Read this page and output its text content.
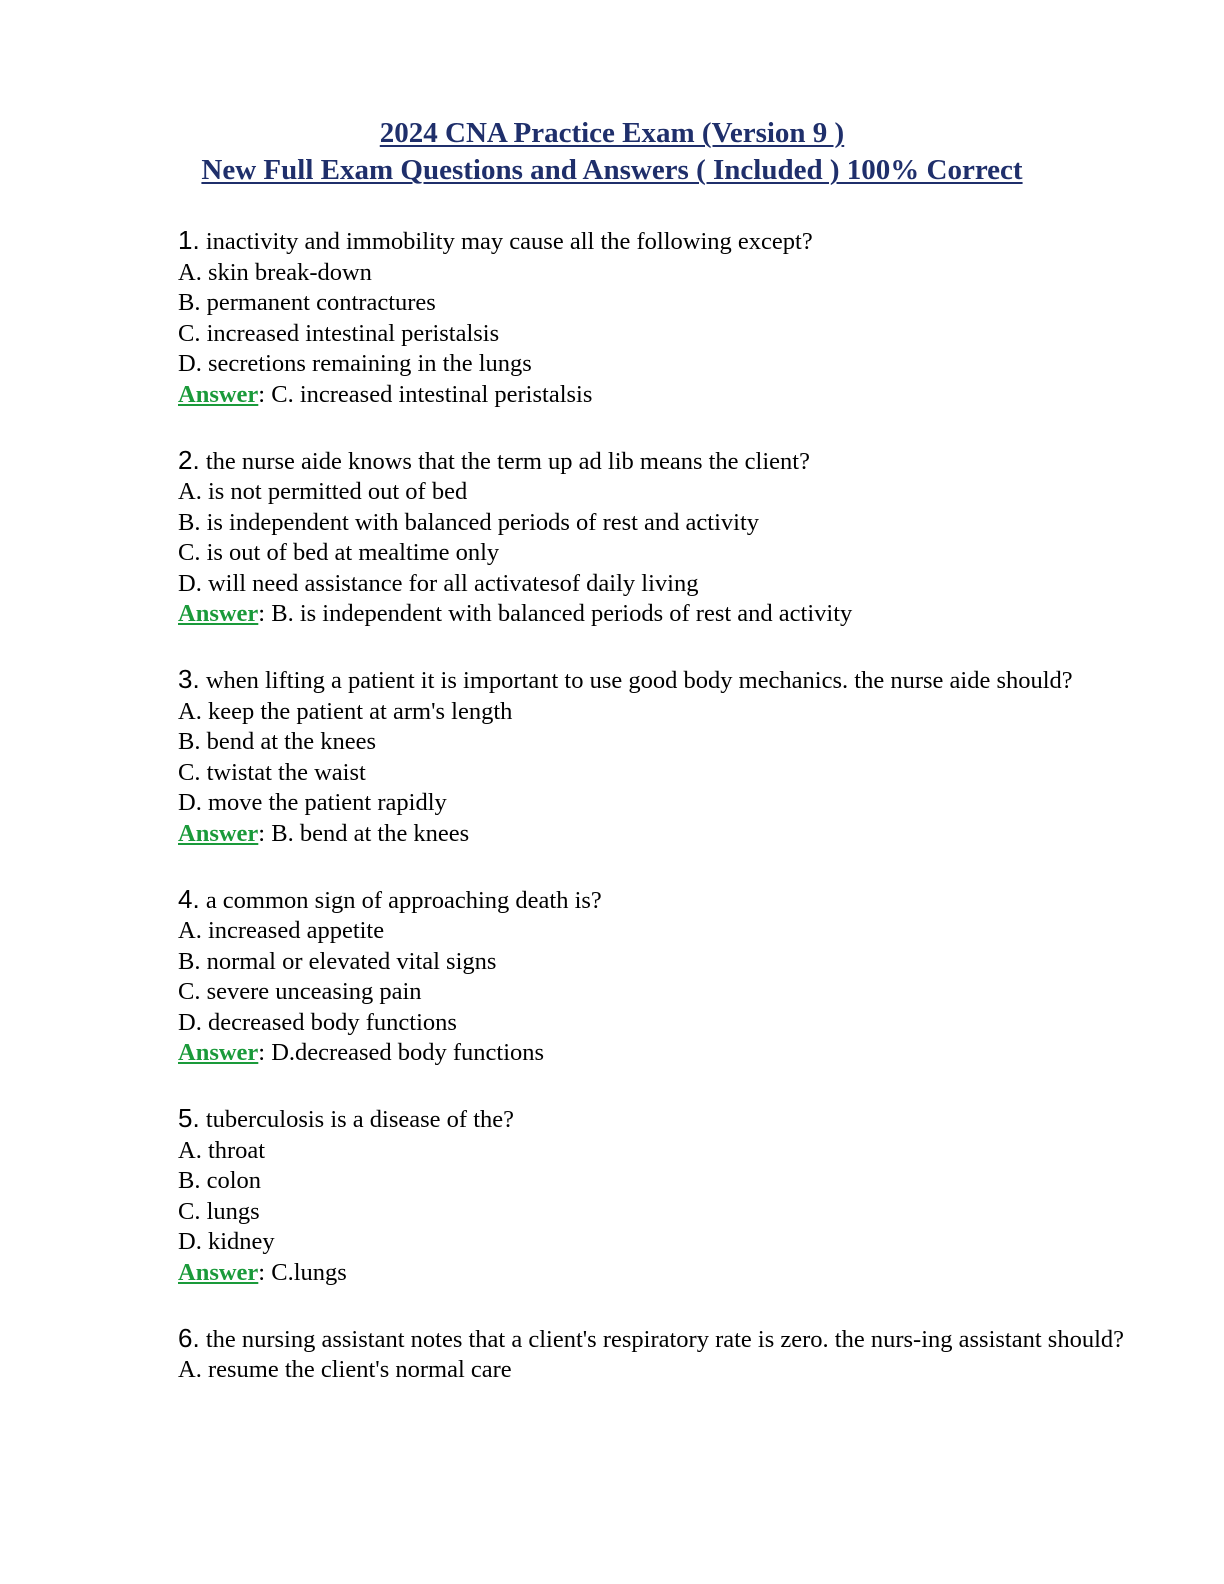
2024 CNA Practice Exam (Version 9 )
New Full Exam Questions and Answers ( Included ) 100% Correct
1. inactivity and immobility may cause all the following except?
A. skin break-down
B. permanent contractures
C. increased intestinal peristalsis
D. secretions remaining in the lungs
Answer: C. increased intestinal peristalsis
2. the nurse aide knows that the term up ad lib means the client?
A. is not permitted out of bed
B. is independent with balanced periods of rest and activity
C. is out of bed at mealtime only
D. will need assistance for all activatesof daily living
Answer: B. is independent with balanced periods of rest and activity
3. when lifting a patient it is important to use good body mechanics. the nurse aide should?
A. keep the patient at arm's length
B. bend at the knees
C. twistat the waist
D. move the patient rapidly
Answer: B. bend at the knees
4. a common sign of approaching death is?
A. increased appetite
B. normal or elevated vital signs
C. severe unceasing pain
D. decreased body functions
Answer: D.decreased body functions
5. tuberculosis is a disease of the?
A. throat
B. colon
C. lungs
D. kidney
Answer: C.lungs
6. the nursing assistant notes that a client's respiratory rate is zero. the nurs-ing assistant should?
A. resume the client's normal care
